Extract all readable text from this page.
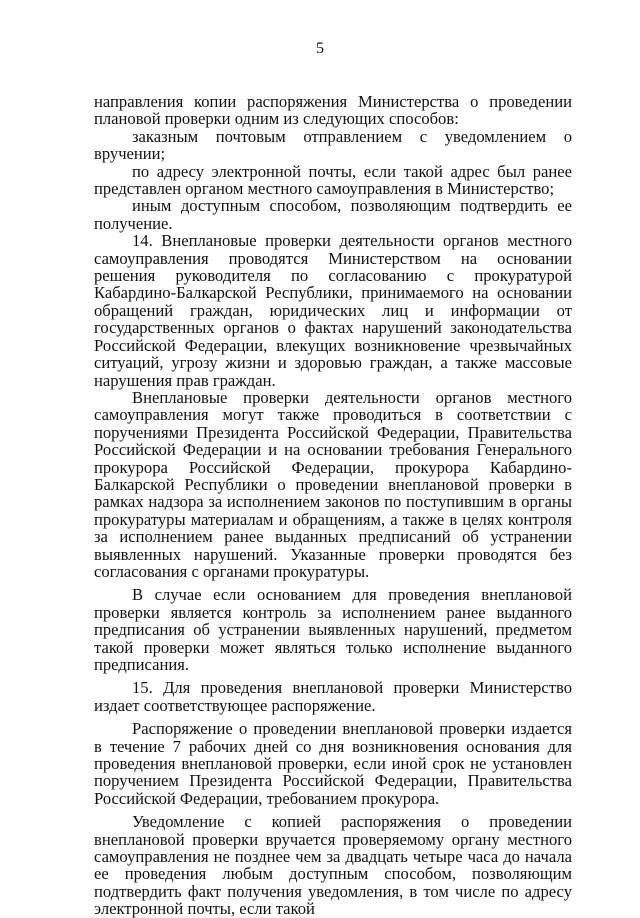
5

направления копии распоряжения Министерства о проведении плановой проверки одним из следующих способов:

заказным почтовым отправлением с уведомлением о вручении;

по адресу электронной почты, если такой адрес был ранее представлен органом местного самоуправления в Министерство;

иным доступным способом, позволяющим подтвердить ее получение.

14. Внеплановые проверки деятельности органов местного самоуправления проводятся Министерством на основании решения руководителя по согласованию с прокуратурой Кабардино-Балкарской Республики, принимаемого на основании обращений граждан, юридических лиц и информации от государственных органов о фактах нарушений законодательства Российской Федерации, влекущих возникновение чрезвычайных ситуаций, угрозу жизни и здоровью граждан, а также массовые нарушения прав граждан.

Внеплановые проверки деятельности органов местного самоуправления могут также проводиться в соответствии с поручениями Президента Российской Федерации, Правительства Российской Федерации и на основании требования Генерального прокурора Российской Федерации, прокурора Кабардино-Балкарской Республики о проведении внеплановой проверки в рамках надзора за исполнением законов по поступившим в органы прокуратуры материалам и обращениям, а также в целях контроля за исполнением ранее выданных предписаний об устранении выявленных нарушений. Указанные проверки проводятся без согласования с органами прокуратуры.

В случае если основанием для проведения внеплановой проверки является контроль за исполнением ранее выданного предписания об устранении выявленных нарушений, предметом такой проверки может являться только исполнение выданного предписания.

15. Для проведения внеплановой проверки Министерство издает соответствующее распоряжение.

Распоряжение о проведении внеплановой проверки издается в течение 7 рабочих дней со дня возникновения основания для проведения внеплановой проверки, если иной срок не установлен поручением Президента Российской Федерации, Правительства Российской Федерации, требованием прокурора.

Уведомление с копией распоряжения о проведении внеплановой проверки вручается проверяемому органу местного самоуправления не позднее чем за двадцать четыре часа до начала ее проведения любым доступным способом, позволяющим подтвердить факт получения уведомления, в том числе по адресу электронной почты, если такой
